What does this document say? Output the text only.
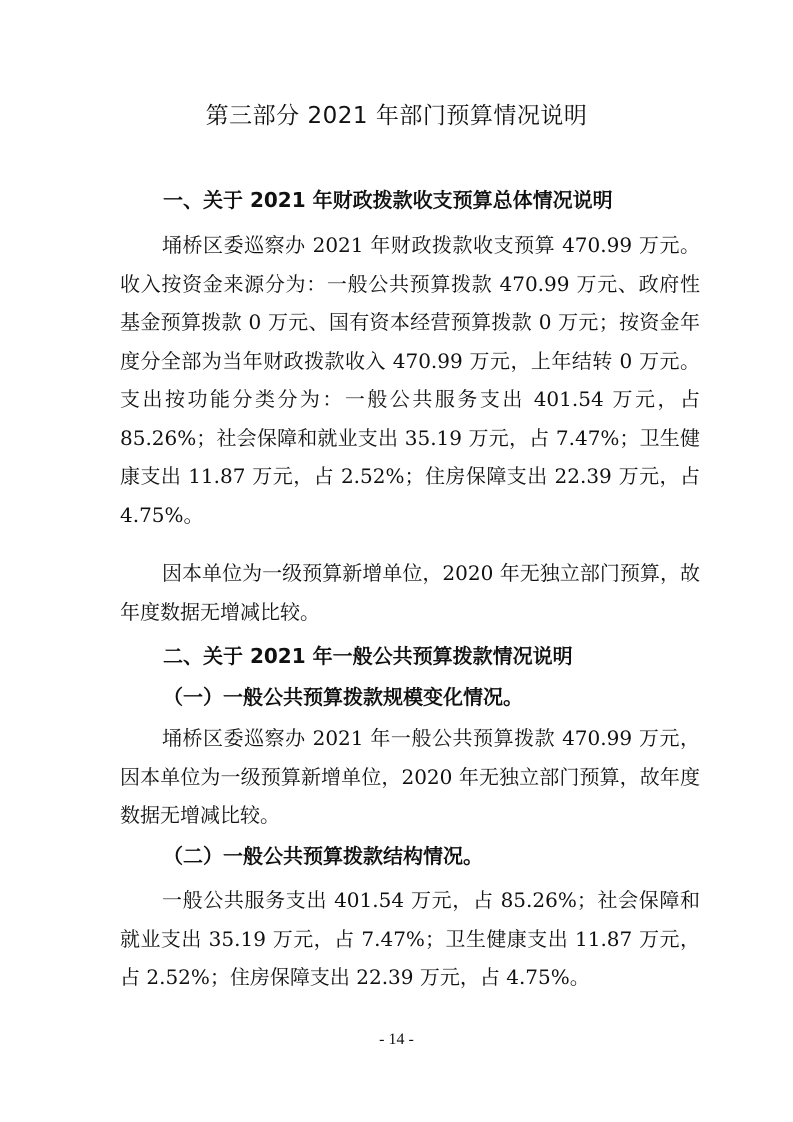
第三部分 2021 年部门预算情况说明
一、关于 2021 年财政拨款收支预算总体情况说明

埇桥区委巡察办 2021 年财政拨款收支预算 470.99 万元。收入按资金来源分为：一般公共预算拨款 470.99 万元、政府性基金预算拨款 0 万元、国有资本经营预算拨款 0 万元；按资金年度分全部为当年财政拨款收入 470.99 万元，上年结转 0 万元。支出按功能分类分为：一般公共服务支出 401.54 万元，占 85.26%；社会保障和就业支出 35.19 万元，占 7.47%；卫生健康支出 11.87 万元，占 2.52%；住房保障支出 22.39 万元，占 4.75%。

因本单位为一级预算新增单位，2020 年无独立部门预算，故年度数据无增减比较。

二、关于 2021 年一般公共预算拨款情况说明
（一）一般公共预算拨款规模变化情况。

埇桥区委巡察办 2021 年一般公共预算拨款 470.99 万元，因本单位为一级预算新增单位，2020 年无独立部门预算，故年度数据无增减比较。

（二）一般公共预算拨款结构情况。

一般公共服务支出 401.54 万元，占 85.26%；社会保障和就业支出 35.19 万元，占 7.47%；卫生健康支出 11.87 万元，占 2.52%；住房保障支出 22.39 万元，占 4.75%。

- 14 -
